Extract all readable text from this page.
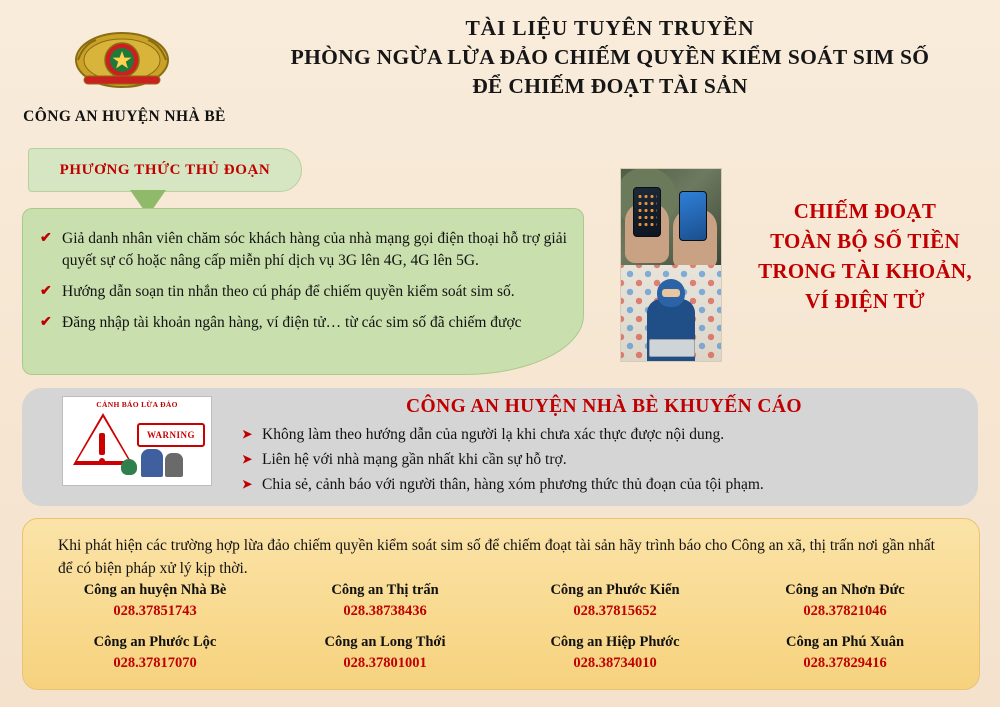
CÔNG AN HUYỆN NHÀ BÈ
TÀI LIỆU TUYÊN TRUYỀN
PHÒNG NGỪA LỪA ĐẢO CHIẾM QUYỀN KIỂM SOÁT SIM SỐ
ĐỂ CHIẾM ĐOẠT TÀI SẢN
PHƯƠNG THỨC THỦ ĐOẠN
✔ Giả danh nhân viên chăm sóc khách hàng của nhà mạng gọi điện thoại hỗ trợ giải quyết sự cố hoặc nâng cấp miễn phí dịch vụ 3G lên 4G, 4G lên 5G.
✔ Hướng dẫn soạn tin nhắn theo cú pháp để chiếm quyền kiểm soát sim số.
✔ Đăng nhập tài khoản ngân hàng, ví điện tử… từ các sim số đã chiếm được
CHIẾM ĐOẠT
TOÀN BỘ SỐ TIỀN
TRONG TÀI KHOẢN,
VÍ ĐIỆN TỬ
CẢNH BÁO LỪA ĐẢO
WARNING
CÔNG AN HUYỆN NHÀ BÈ KHUYẾN CÁO
➤ Không làm theo hướng dẫn của người lạ khi chưa xác thực được nội dung.
➤ Liên hệ với nhà mạng gần nhất khi cần sự hỗ trợ.
➤ Chia sẻ, cảnh báo với người thân, hàng xóm phương thức thủ đoạn của tội phạm.
Khi phát hiện các trường hợp lừa đảo chiếm quyền kiểm soát sim số để chiếm đoạt tài sản hãy trình báo cho Công an xã, thị trấn nơi gần nhất để có biện pháp xử lý kịp thời.
Công an huyện Nhà Bè
028.37851743
Công an Thị trấn
028.38738436
Công an Phước Kiển
028.37815652
Công an Nhơn Đức
028.37821046
Công an Phước Lộc
028.37817070
Công an Long Thới
028.37801001
Công an Hiệp Phước
028.38734010
Công an Phú Xuân
028.37829416
